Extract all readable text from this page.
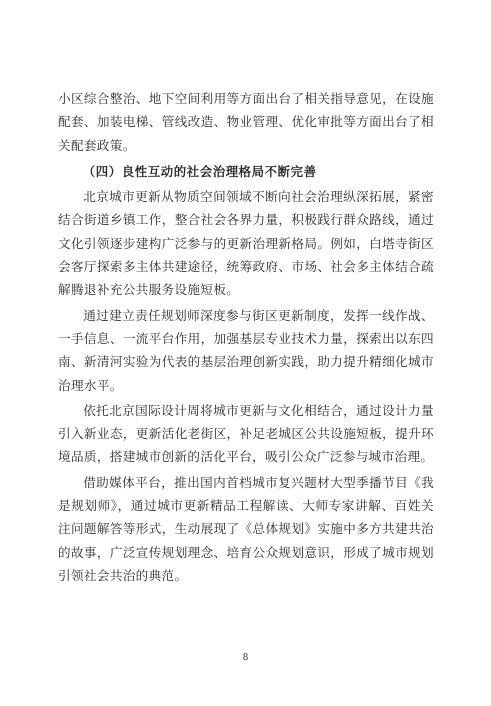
小区综合整治、地下空间利用等方面出台了相关指导意见，在设施配套、加装电梯、管线改造、物业管理、优化审批等方面出台了相关配套政策。

（四）良性互动的社会治理格局不断完善

北京城市更新从物质空间领域不断向社会治理纵深拓展，紧密结合街道乡镇工作，整合社会各界力量，积极践行群众路线，通过文化引领逐步建构广泛参与的更新治理新格局。例如，白塔寺街区会客厅探索多主体共建途径，统筹政府、市场、社会多主体结合疏解腾退补充公共服务设施短板。

通过建立责任规划师深度参与街区更新制度，发挥一线作战、一手信息、一流平台作用，加强基层专业技术力量，探索出以东四南、新清河实验为代表的基层治理创新实践，助力提升精细化城市治理水平。

依托北京国际设计周将城市更新与文化相结合，通过设计力量引入新业态，更新活化老街区，补足老城区公共设施短板，提升环境品质，搭建城市创新的活化平台，吸引公众广泛参与城市治理。

借助媒体平台，推出国内首档城市复兴题材大型季播节目《我是规划师》，通过城市更新精品工程解读、大师专家讲解、百姓关注问题解答等形式，生动展现了《总体规划》实施中多方共建共治的故事，广泛宣传规划理念、培育公众规划意识，形成了城市规划引领社会共治的典范。

8
